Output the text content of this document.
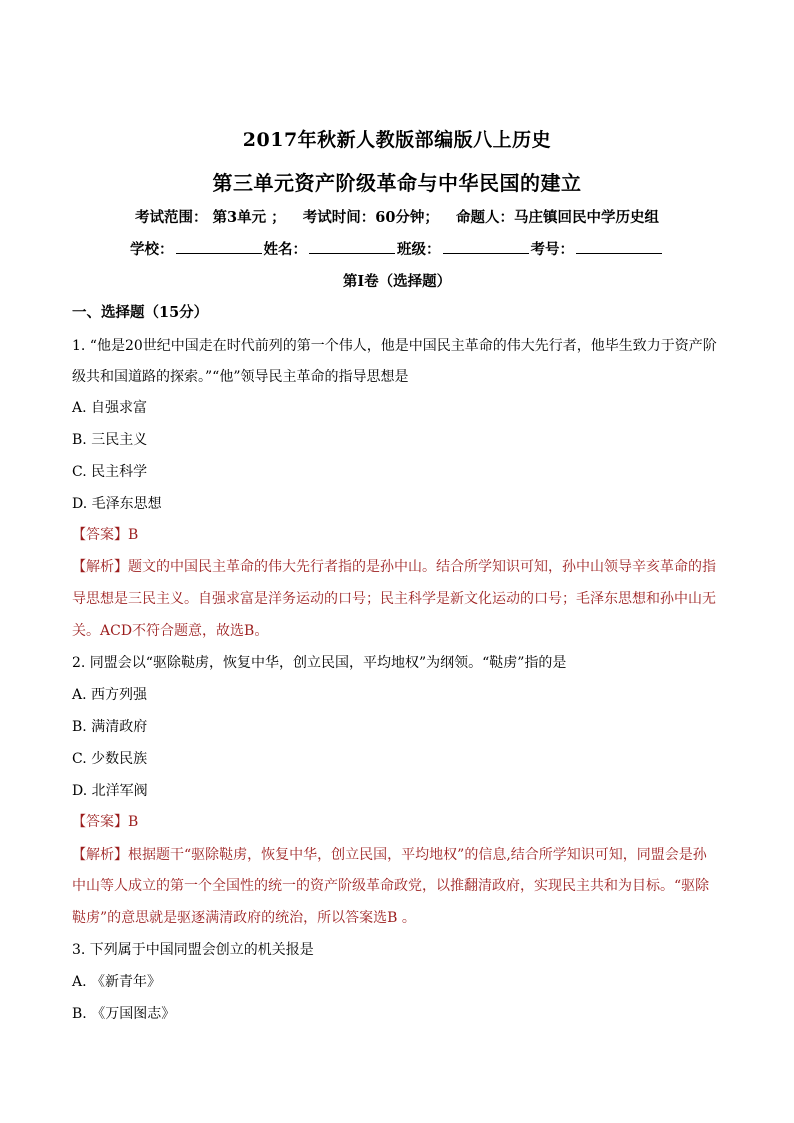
2017年秋新人教版部编版八上历史
第三单元资产阶级革命与中华民国的建立
考试范围： 第3单元 ； 考试时间：60分钟； 命题人：马庄镇回民中学历史组
学校：	姓名：	班级：	考号：
第I卷（选择题）
一、选择题（15分）
1. “他是20世纪中国走在时代前列的第一个伟人，他是中国民主革命的伟大先行者，他毕生致力于资产阶
级共和国道路的探索。”“他”领导民主革命的指导思想是
A. 自强求富
B. 三民主义
C. 民主科学
D. 毛泽东思想
【答案】B
【解析】题文的中国民主革命的伟大先行者指的是孙中山。结合所学知识可知，孙中山领导辛亥革命的指
导思想是三民主义。自强求富是洋务运动的口号；民主科学是新文化运动的口号；毛泽东思想和孙中山无
关。ACD不符合题意，故选B。
2. 同盟会以“驱除鞑虏，恢复中华，创立民国，平均地权”为纲领。“鞑虏”指的是
A. 西方列强
B. 满清政府
C. 少数民族
D. 北洋军阀
【答案】B
【解析】根据题干“驱除鞑虏，恢复中华，创立民国，平均地权”的信息,结合所学知识可知，同盟会是孙
中山等人成立的第一个全国性的统一的资产阶级革命政党，以推翻清政府，实现民主共和为目标。“驱除
鞑虏”的意思就是驱逐满清政府的统治，所以答案选B 。
3. 下列属于中国同盟会创立的机关报是
A. 《新青年》
B. 《万国图志》
